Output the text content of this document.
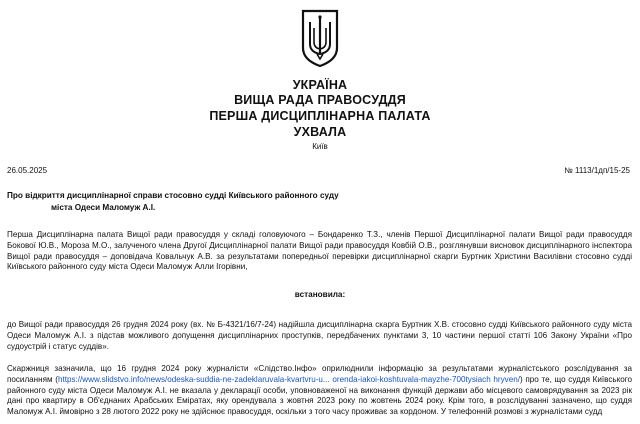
УКРАЇНА
ВИЩА РАДА ПРАВОСУДДЯ
ПЕРША ДИСЦИПЛІНАРНА ПАЛАТА
УХВАЛА
Київ
26.05.2025	№ 1113/1дп/15-25
Про відкриття дисциплінарної справи стосовно судді Київського районного суду
міста Одеси Маломуж А.І.
Перша Дисциплінарна палата Вищої ради правосуддя у складі головуючого – Бондаренко Т.З., членів Першої Дисциплінарної палати Вищої ради правосуддя Бокової Ю.В., Мороза М.О., залученого члена Другої Дисциплінарної палати Вищої ради правосуддя Ковбій О.В., розглянувши висновок дисциплінарного інспектора Вищої ради правосуддя – доповідача Ковальчук А.В. за результатами попередньої перевірки дисциплінарної скарги Буртник Христини Василівни стосовно судді Київського районного суду міста Одеси Маломуж Алли Ігорівни,
встановила:
до Вищої ради правосуддя 26 грудня 2024 року (вх. № Б-4321/16/7-24) надійшла дисциплінарна скарга Буртник Х.В. стосовно судді Київського районного суду міста Одеси Маломуж А.І. з підстав можливого допущення дисциплінарних проступків, передбачених пунктами 3, 10 частини першої статті 106 Закону України «Про судоустрій і статус суддів».
Скаржниця зазначила, що 16 грудня 2024 року журналісти «Слідство.Інфо» оприлюднили інформацію за результатами журналістського розслідування за посиланням (https://www.slidstvo.info/news/odeska-suddia-ne-zadeklaruvala-kvartvru-u... orenda-iakoi-koshtuvala-mayzhe-700tysiach hryven/) про те, що суддя Київського районного суду міста Одеси Маломуж А.І. не вказала у декларації особи, уповноваженої на виконання функцій держави або місцевого самоврядування за 2023 рік дані про квартиру в Об'єднаних Арабських Еміратах, яку орендувала з жовтня 2023 року по жовтень 2024 року. Крім того, в розслідуванні зазначено, що суддя Маломуж А.І. ймовірно з 28 лютого 2022 року не здійснює правосуддя, оскільки з того часу проживає за кордоном. У телефонній розмові з журналістами судд
